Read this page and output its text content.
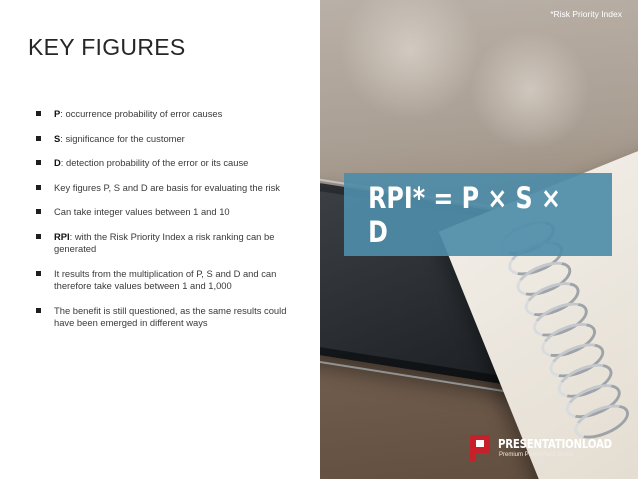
KEY FIGURES
P: occurrence probability of error causes
S: significance for the customer
D: detection probability of the error or its cause
Key figures P, S and D are basis for evaluating the risk
Can take integer values between 1 and 10
RPI: with the Risk Priority Index a risk ranking can be generated
It results from the multiplication of P, S and D and can therefore take values between 1 and 1,000
The benefit is still questioned, as the same results could have been emerged in different ways
*Risk Priority Index
RPI* = P × S × D
PRESENTATIONLOAD
Premium PowerPoint Slides
